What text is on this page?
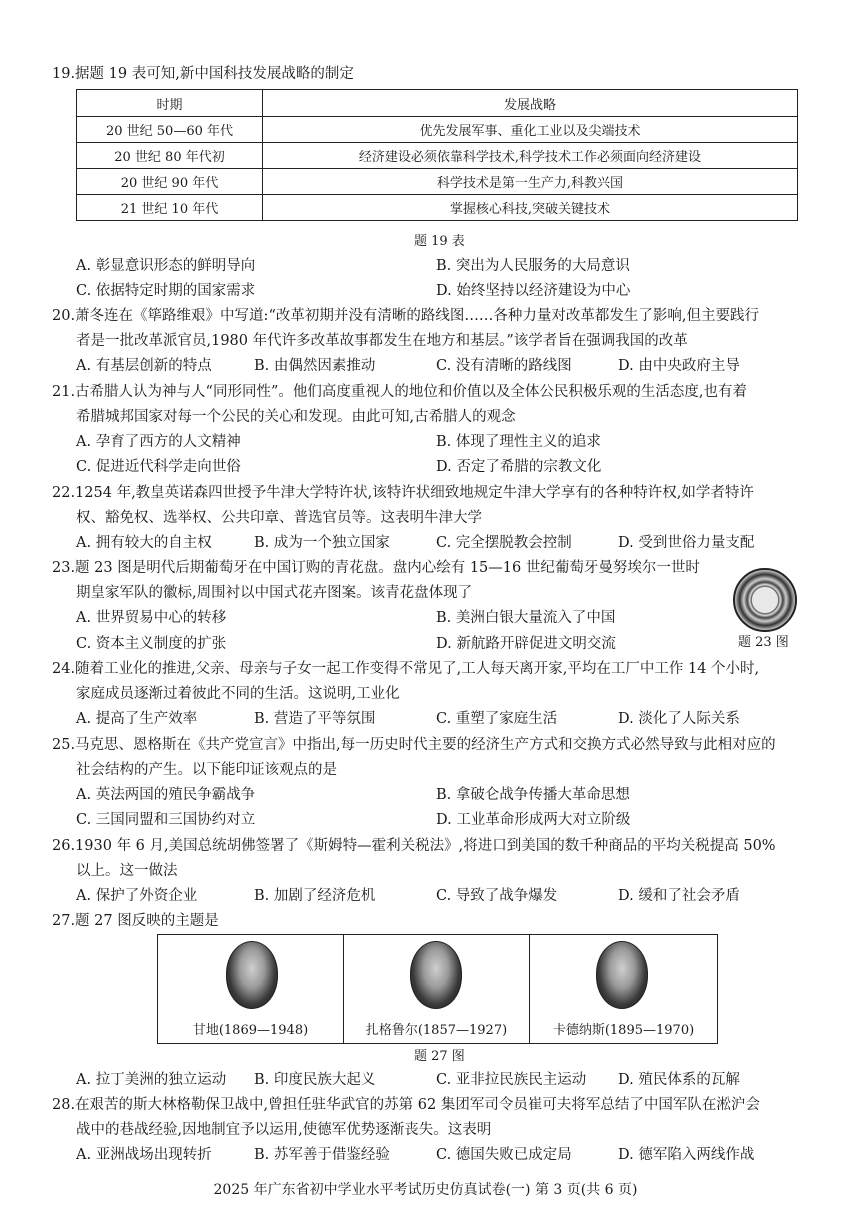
19.据题 19 表可知,新中国科技发展战略的制定
时期	发展战略
20 世纪 50—60 年代	优先发展军事、重化工业以及尖端技术
20 世纪 80 年代初	经济建设必须依靠科学技术,科学技术工作必须面向经济建设
20 世纪 90 年代	科学技术是第一生产力,科教兴国
21 世纪 10 年代	掌握核心科技,突破关键技术
题 19 表
A. 彰显意识形态的鲜明导向	B. 突出为人民服务的大局意识
C. 依据特定时期的国家需求	D. 始终坚持以经济建设为中心
20.萧冬连在《筚路维艰》中写道:“改革初期并没有清晰的路线图……各种力量对改革都发生了影响,但主要践行
者是一批改革派官员,1980 年代许多改革故事都发生在地方和基层。”该学者旨在强调我国的改革
A. 有基层创新的特点	B. 由偶然因素推动	C. 没有清晰的路线图	D. 由中央政府主导
21.古希腊人认为神与人“同形同性”。他们高度重视人的地位和价值以及全体公民积极乐观的生活态度,也有着
希腊城邦国家对每一个公民的关心和发现。由此可知,古希腊人的观念
A. 孕育了西方的人文精神	B. 体现了理性主义的追求
C. 促进近代科学走向世俗	D. 否定了希腊的宗教文化
22.1254 年,教皇英诺森四世授予牛津大学特许状,该特许状细致地规定牛津大学享有的各种特许权,如学者特许
权、豁免权、选举权、公共印章、普选官员等。这表明牛津大学
A. 拥有较大的自主权	B. 成为一个独立国家	C. 完全摆脱教会控制	D. 受到世俗力量支配
23.题 23 图是明代后期葡萄牙在中国订购的青花盘。盘内心绘有 15—16 世纪葡萄牙曼努埃尔一世时
期皇家军队的徽标,周围衬以中国式花卉图案。该青花盘体现了
题 23 图
A. 世界贸易中心的转移	B. 美洲白银大量流入了中国
C. 资本主义制度的扩张	D. 新航路开辟促进文明交流
24.随着工业化的推进,父亲、母亲与子女一起工作变得不常见了,工人每天离开家,平均在工厂中工作 14 个小时,
家庭成员逐渐过着彼此不同的生活。这说明,工业化
A. 提高了生产效率	B. 营造了平等氛围	C. 重塑了家庭生活	D. 淡化了人际关系
25.马克思、恩格斯在《共产党宣言》中指出,每一历史时代主要的经济生产方式和交换方式必然导致与此相对应的
社会结构的产生。以下能印证该观点的是
A. 英法两国的殖民争霸战争	B. 拿破仑战争传播大革命思想
C. 三国同盟和三国协约对立	D. 工业革命形成两大对立阶级
26.1930 年 6 月,美国总统胡佛签署了《斯姆特—霍利关税法》,将进口到美国的数千种商品的平均关税提高 50%
以上。这一做法
A. 保护了外资企业	B. 加剧了经济危机	C. 导致了战争爆发	D. 缓和了社会矛盾
27.题 27 图反映的主题是
甘地(1869—1948)	扎格鲁尔(1857—1927)	卡德纳斯(1895—1970)
题 27 图
A. 拉丁美洲的独立运动 B. 印度民族大起义	C. 亚非拉民族民主运动 D. 殖民体系的瓦解
28.在艰苦的斯大林格勒保卫战中,曾担任驻华武官的苏第 62 集团军司令员崔可夫将军总结了中国军队在淞沪会
战中的巷战经验,因地制宜予以运用,使德军优势逐渐丧失。这表明
A. 亚洲战场出现转折	B. 苏军善于借鉴经验	C. 德国失败已成定局	D. 德军陷入两线作战
2025 年广东省初中学业水平考试历史仿真试卷(一) 第 3 页(共 6 页)
